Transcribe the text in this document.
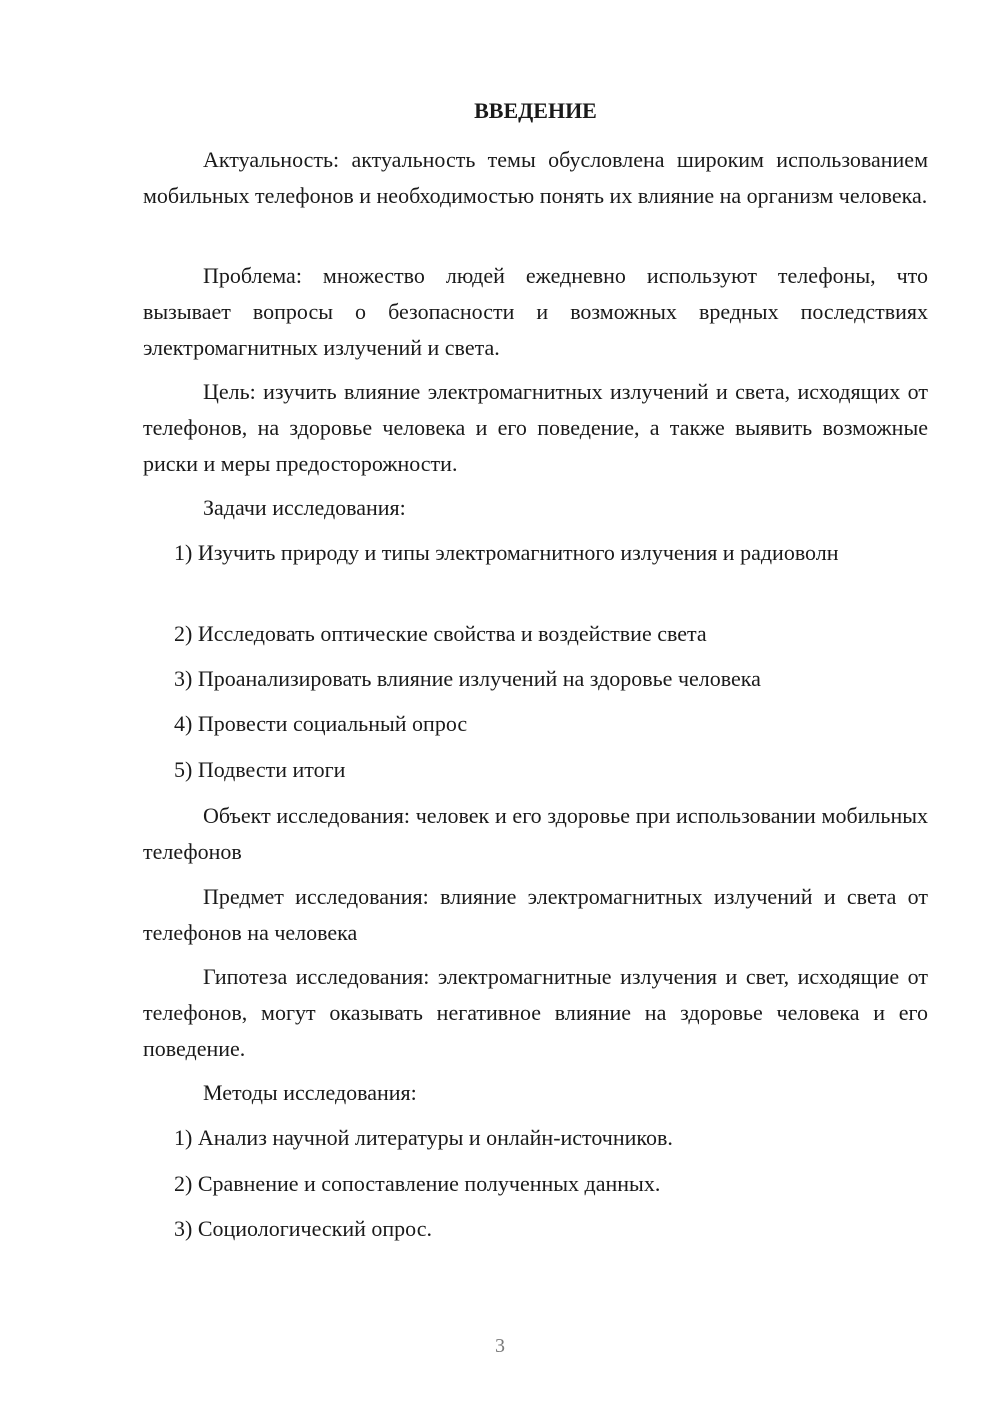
ВВЕДЕНИЕ

Актуальность: актуальность темы обусловлена широким использованием мобильных телефонов и необходимостью понять их влияние на организм человека.

Проблема: множество людей ежедневно используют телефоны, что вызывает вопросы о безопасности и возможных вредных последствиях электромагнитных излучений и света.

Цель: изучить влияние электромагнитных излучений и света, исходящих от телефонов, на здоровье человека и его поведение, а также выявить возможные риски и меры предосторожности.

Задачи исследования:

1) Изучить природу и типы электромагнитного излучения и радиоволн

2) Исследовать оптические свойства и воздействие света

3) Проанализировать влияние излучений на здоровье человека

4) Провести социальный опрос

5) Подвести итоги

Объект исследования: человек и его здоровье при использовании мобильных телефонов

Предмет исследования: влияние электромагнитных излучений и света от телефонов на человека

Гипотеза исследования: электромагнитные излучения и свет, исходящие от телефонов, могут оказывать негативное влияние на здоровье человека и его поведение.

Методы исследования:

1) Анализ научной литературы и онлайн-источников.

2) Сравнение и сопоставление полученных данных.

3) Социологический опрос.

3
